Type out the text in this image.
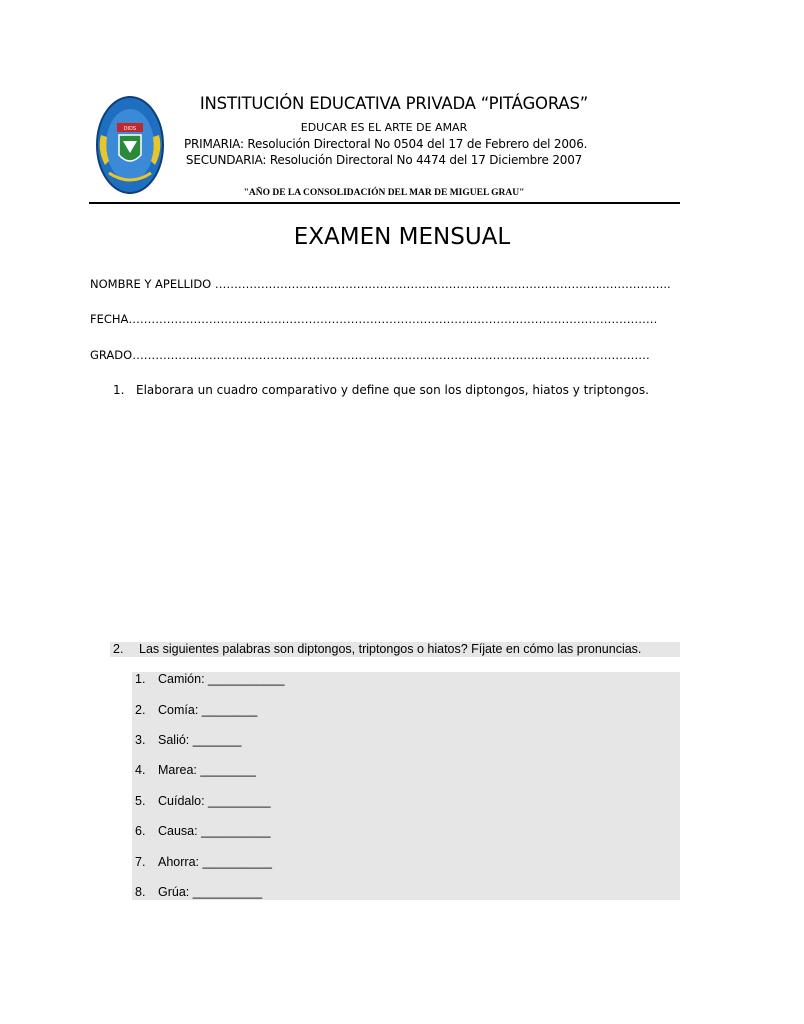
DIOS
INSTITUCIÓN EDUCATIVA PRIVADA “PITÁGORAS”
EDUCAR ES EL ARTE DE AMAR
PRIMARIA: Resolución Directoral No 0504 del 17 de Febrero del 2006.
SECUNDARIA: Resolución Directoral No 4474 del 17 Diciembre 2007
"AÑO DE LA CONSOLIDACIÓN DEL MAR DE MIGUEL GRAU"
EXAMEN MENSUAL
NOMBRE Y APELLIDO ………………………………………………………………………………………………………..
FECHA…………………………………………………………………………………………………………………………
GRADO………………………………………………………………………………………………………………………
1. Elaborara un cuadro comparativo y define que son los diptongos, hiatos y triptongos.
2. Las siguientes palabras son diptongos, triptongos o hiatos? Fíjate en cómo las pronuncias.
1. Camión: ___________
2. Comía: ________
3. Salió: _______
4. Marea: ________
5. Cuídalo: _________
6. Causa: __________
7. Ahorra: __________
8. Grúa: __________
